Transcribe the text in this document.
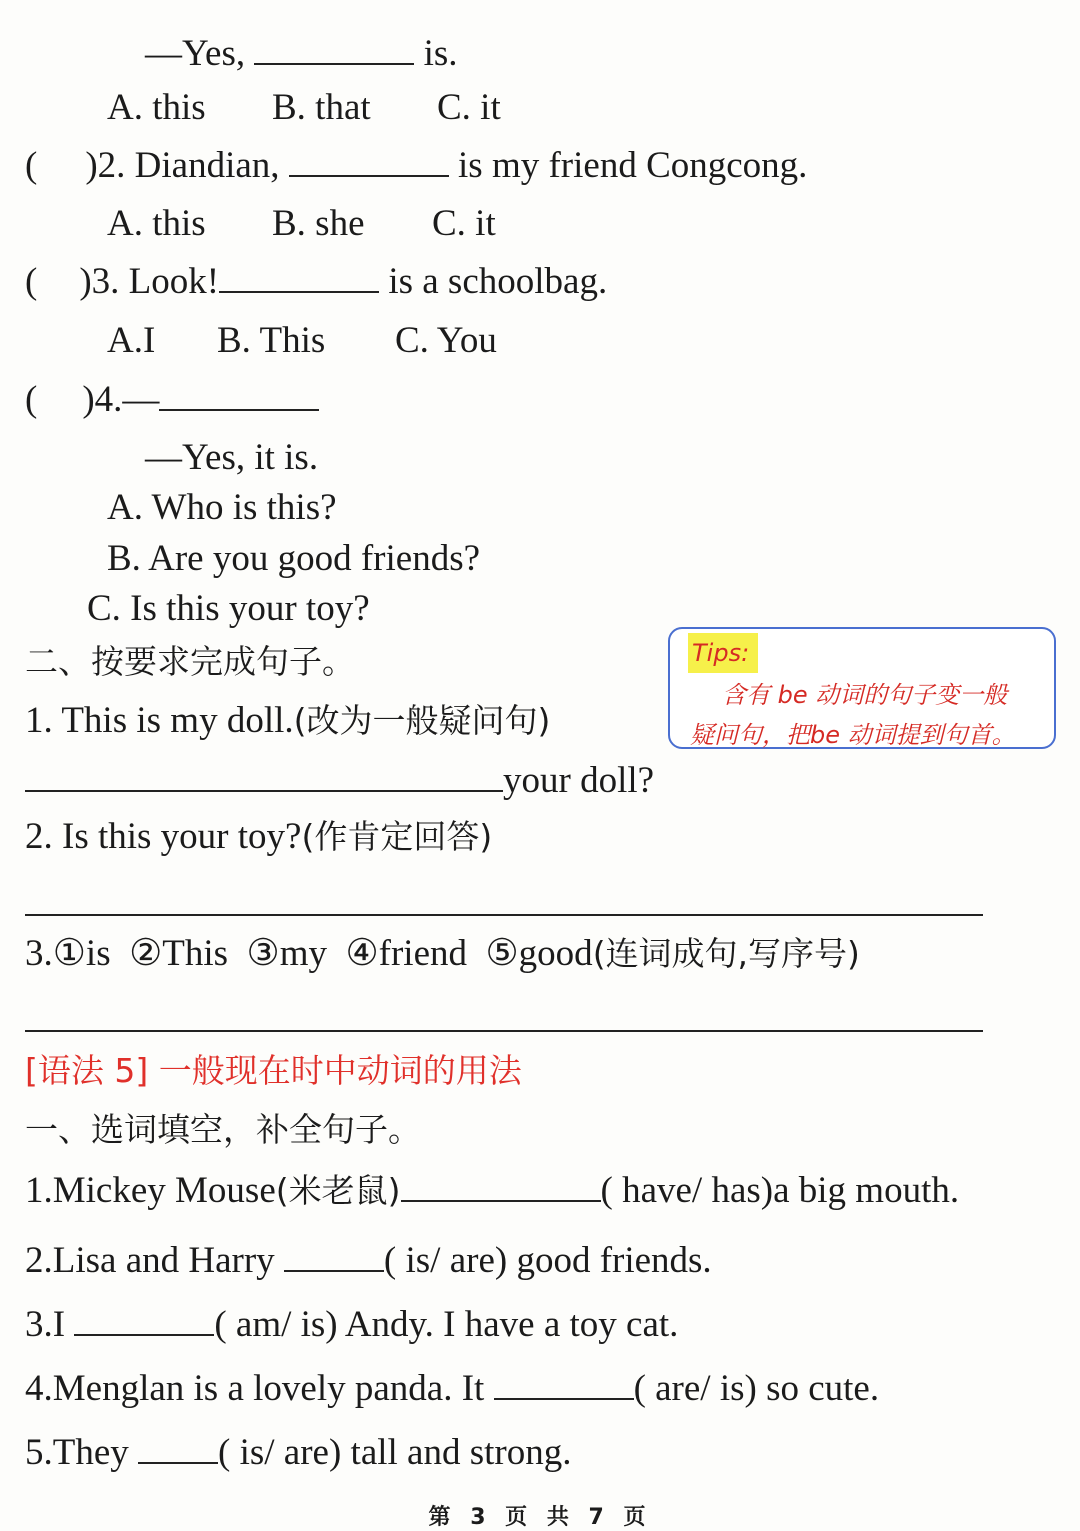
—Yes,	is.
A. this B. that C. it
( )2. Diandian,	is my friend Congcong.
A. this B. she C. it
( )3. Look!	is a schoolbag.
A.I B. This C. You
( )4.—
—Yes, it is.
A. Who is this?
B. Are you good friends?
C. Is this your toy?
二、按要求完成句子。
1. This is my doll.(改为一般疑问句)
your doll?
2. Is this your toy?(作肯定回答)
3.①is  ②This  ③my  ④friend  ⑤good(连词成句,写序号)
Tips:
含有 be 动词的句子变一般
疑问句，把be 动词提到句首。
[语法 5] 一般现在时中动词的用法
一、选词填空，补全句子。
1.Mickey Mouse(米老鼠)	( have/ has)a big mouth.
2.Lisa and Harry	( is/ are) good friends.
3.I	( am/ is) Andy. I have a toy cat.
4.Menglan is a lovely panda. It	( are/ is) so cute.
5.They ( is/ are) tall and strong.
第 3 页 共 7 页
